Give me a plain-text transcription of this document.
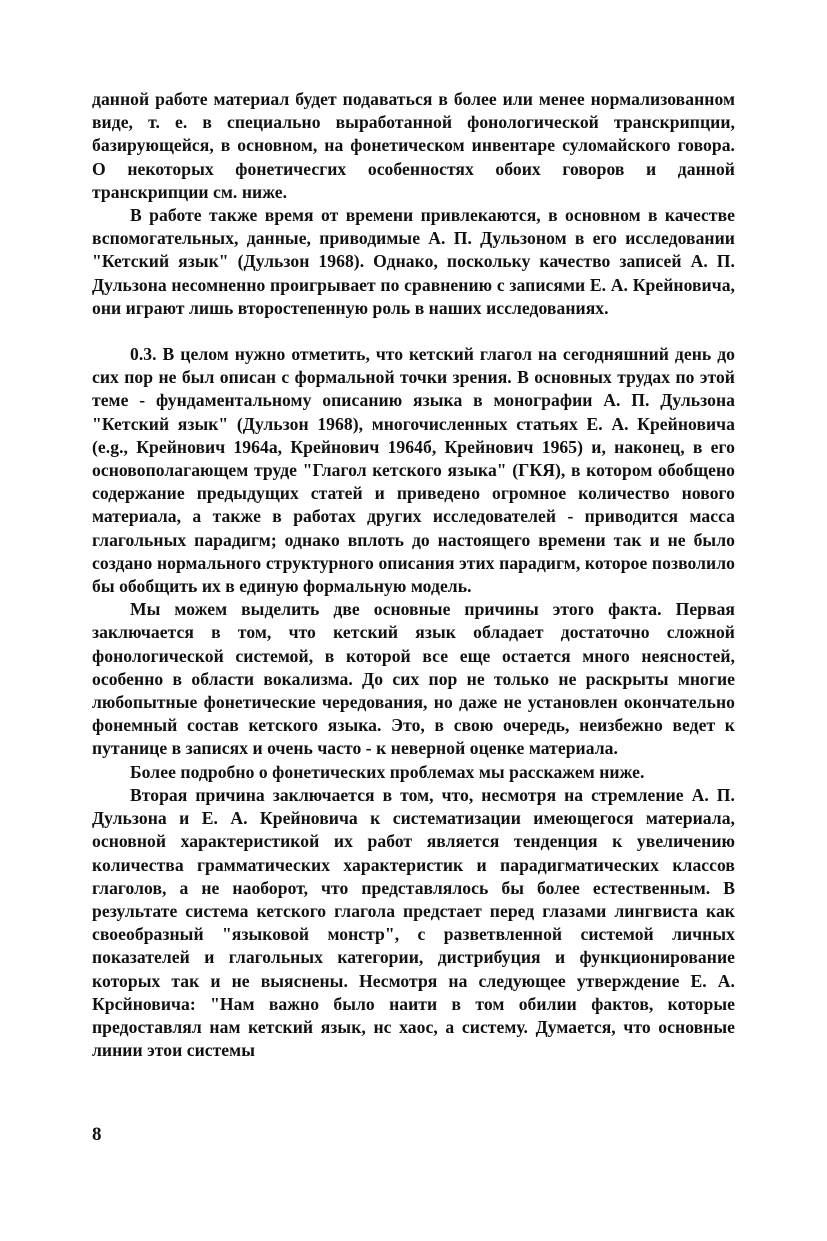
данной работе материал будет подаваться в более или менее нормализованном виде, т. е. в специально выработанной фонологической транскрипции, базирующейся, в основном, на фонетическом инвентаре суломайского говора. О некоторых фонетичесгих особенностях обоих говоров и данной транскрипции см. ниже.

В работе также время от времени привлекаются, в основном в качестве вспомогательных, данные, приводимые А. П. Дульзоном в его исследовании "Кетский язык" (Дульзон 1968). Однако, поскольку качество записей А. П. Дульзона несомненно проигрывает по сравнению с записями Е. А. Крейновича, они играют лишь второстепенную роль в наших исследованиях.

0.3. В целом нужно отметить, что кетский глагол на сегодняшний день до сих пор не был описан с формальной точки зрения. В основных трудах по этой теме - фундаментальному описанию языка в монографии А. П. Дульзона "Кетский язык" (Дульзон 1968), многочисленных статьях Е. А. Крейновича (e.g., Крейнович 1964a, Крейнович 1964б, Крейнович 1965) и, наконец, в его основополагающем труде "Глагол кетского языка" (ГКЯ), в котором обобщено содержание предыдущих статей и приведено огромное количество нового материала, а также в работах других исследователей - приводится масса глагольных парадигм; однако вплоть до настоящего времени так и не было создано нормального структурного описания этих парадигм, которое позволило бы обобщить их в единую формальную модель.

Мы можем выделить две основные причины этого факта. Первая заключается в том, что кетский язык обладает достаточно сложной фонологической системой, в которой все еще остается много неясностей, особенно в области вокализма. До сих пор не только не раскрыты многие любопытные фонетические чередования, но даже не установлен окончательно фонемный состав кетского языка. Это, в свою очередь, неизбежно ведет к путанице в записях и очень часто - к неверной оценке материала.

Более подробно о фонетических проблемах мы расскажем ниже.

Вторая причина заключается в том, что, несмотря на стремление А. П. Дульзона и Е. А. Крейновича к систематизации имеющегося материала, основной характеристикой их работ является тенденция к увеличению количества грамматических характеристик и парадигматических классов глаголов, а не наоборот, что представлялось бы более естественным. В результате система кетского глагола предстает перед глазами лингвиста как своеобразный "языковой монстр", с разветвленной системой личных показателей и глагольных категории, дистрибуция и функционирование которых так и не выяснены. Несмотря на следующее утверждение Е. А. Крсйновича: "Нам важно было наити в том обилии фактов, которые предоставлял нам кетский язык, нс хаос, а систему. Думается, что основные линии этои системы

8
